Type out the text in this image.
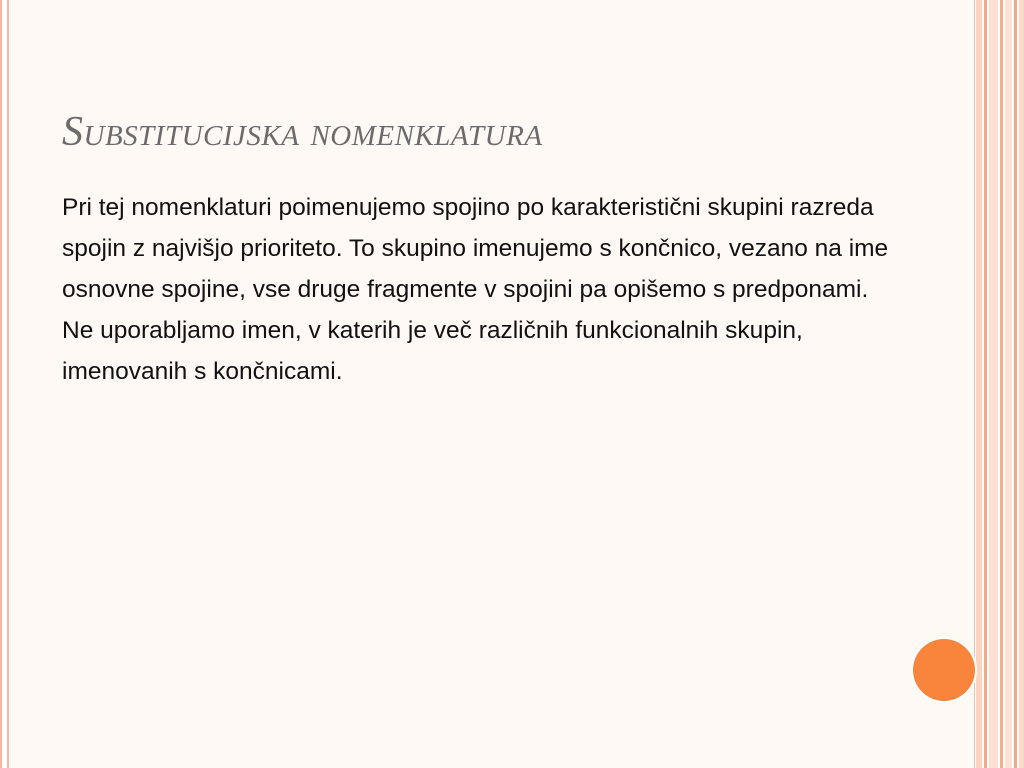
Substitucijska nomenklatura

Pri tej nomenklaturi poimenujemo spojino po karakteristični skupini razreda spojin z najvišjo prioriteto. To skupino imenujemo s končnico, vezano na ime osnovne spojine, vse druge fragmente v spojini pa opišemo s predponami. Ne uporabljamo imen, v katerih je več različnih funkcionalnih skupin, imenovanih s končnicami.
